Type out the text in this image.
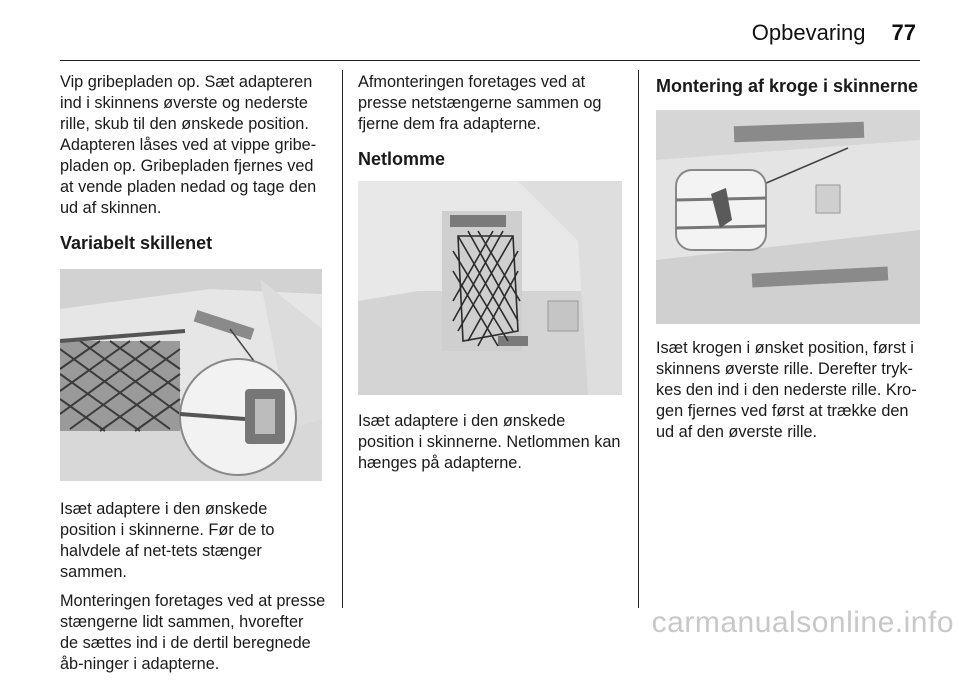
Opbevaring 77

Vip gribepladen op. Sæt adapteren ind i skinnens øverste og nederste rille, skub til den ønskede position. Adapteren låses ved at vippe gribe-pladen op. Gribepladen fjernes ved at vende pladen nedad og tage den ud af skinnen.

Variabelt skillenet

Isæt adaptere i den ønskede position i skinnerne. Før de to halvdele af net-tets stænger sammen.

Monteringen foretages ved at presse stængerne lidt sammen, hvorefter de sættes ind i de dertil beregnede åb-ninger i adapterne.

Afmonteringen foretages ved at presse netstængerne sammen og fjerne dem fra adapterne.

Netlomme

Isæt adaptere i den ønskede position i skinnerne. Netlommen kan hænges på adapterne.

Montering af kroge i skinnerne

Isæt krogen i ønsket position, først i skinnens øverste rille. Derefter tryk-kes den ind i den nederste rille. Kro-gen fjernes ved først at trække den ud af den øverste rille.

carmanualsonline.info
